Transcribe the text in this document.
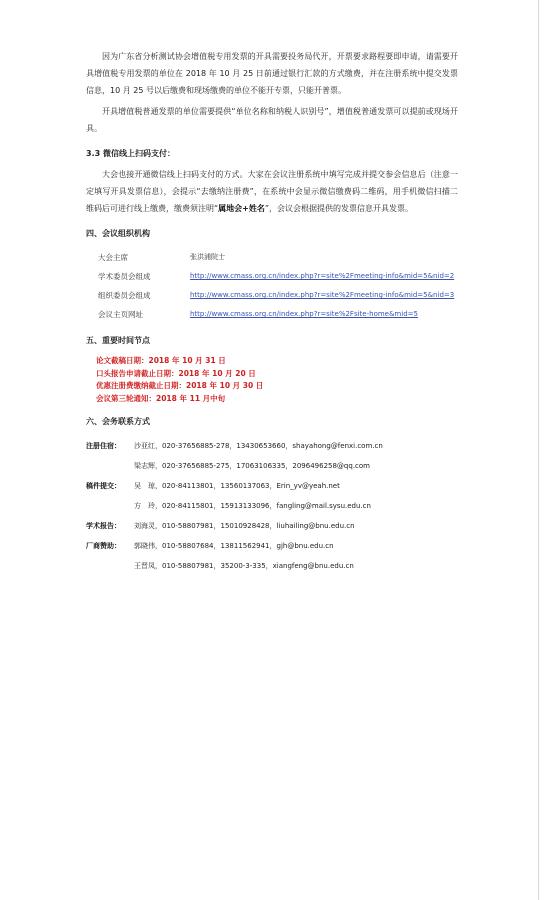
因为广东省分析测试协会增值税专用发票的开具需要投务局代开，开票要求路程要即申请，请需要开具增值税专用发票的单位在 2018 年 10 月 25 日前通过银行汇款的方式缴费，并在注册系统中提交发票信息，10 月 25 号以后缴费和现场缴费的单位不能开专票，只能开普票。

开具增值税普通发票的单位需要提供“单位名称和纳税人识别号”，增值税普通发票可以提前或现场开具。

3.3 微信线上扫码支付：

大会也接开通微信线上扫码支付的方式。大家在会议注册系统中填写完成并提交参会信息后（注意一定填写开具发票信息），会提示“去缴纳注册费”，在系统中会显示微信缴费码二维码，用手机微信扫描二维码后可进行线上缴费，缴费须注明“属地会+姓名”，会议会根据提供的发票信息开具发票。

四、会议组织机构
大会主席	张洪浦院士
学术委员会组成	http://www.cmass.org.cn/index.php?r=site%2Fmeeting-info&mid=5&nid=2
组织委员会组成	http://www.cmass.org.cn/index.php?r=site%2Fmeeting-info&mid=5&nid=3
会议主页网址	http://www.cmass.org.cn/index.php?r=site%2Fsite-home&mid=5
五、重要时间节点
论文截稿日期：2018 年 10 月 31 日
口头报告申请截止日期：2018 年 10 月 20 日
优惠注册费缴纳截止日期：2018 年 10 月 30 日
会议第三轮通知：2018 年 11 月中旬
六、会务联系方式
注册住宿：	沙亚红，020-37656885-278，13430653660，shayahong@fenxi.com.cn
梁志辉，020-37656885-275，17063106335，2096496258@qq.com
稿件提交：	吴　琼，020-84113801，13560137063，Erin_yv@yeah.net
方　玲，020-84115801，15913133096，fangling@mail.sysu.edu.cn
学术报告：	刘海灵，010-58807981，15010928428，liuhailing@bnu.edu.cn
厂商赞助：	郭晓伟，010-58807684，13811562941，gjh@bnu.edu.cn
王晋凤，010-58807981，35200-3-335，xiangfeng@bnu.edu.cn
